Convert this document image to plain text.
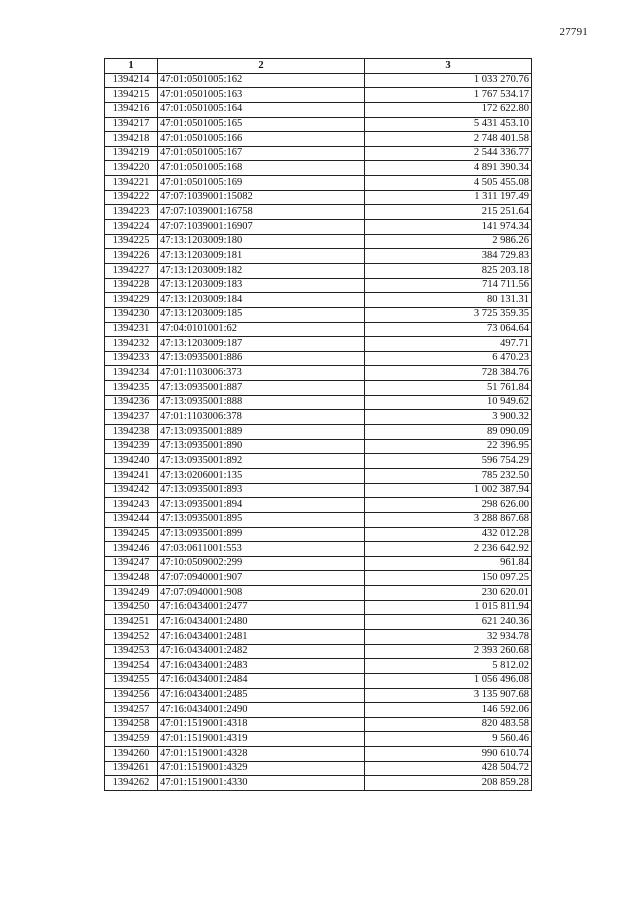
27791
1	2	3
1394214	47:01:0501005:162	1 033 270.76
1394215	47:01:0501005:163	1 767 534.17
1394216	47:01:0501005:164	172 622.80
1394217	47:01:0501005:165	5 431 453.10
1394218	47:01:0501005:166	2 748 401.58
1394219	47:01:0501005:167	2 544 336.77
1394220	47:01:0501005:168	4 891 390.34
1394221	47:01:0501005:169	4 505 455.08
1394222	47:07:1039001:15082	1 311 197.49
1394223	47:07:1039001:16758	215 251.64
1394224	47:07:1039001:16907	141 974.34
1394225	47:13:1203009:180	2 986.26
1394226	47:13:1203009:181	384 729.83
1394227	47:13:1203009:182	825 203.18
1394228	47:13:1203009:183	714 711.56
1394229	47:13:1203009:184	80 131.31
1394230	47:13:1203009:185	3 725 359.35
1394231	47:04:0101001:62	73 064.64
1394232	47:13:1203009:187	497.71
1394233	47:13:0935001:886	6 470.23
1394234	47:01:1103006:373	728 384.76
1394235	47:13:0935001:887	51 761.84
1394236	47:13:0935001:888	10 949.62
1394237	47:01:1103006:378	3 900.32
1394238	47:13:0935001:889	89 090.09
1394239	47:13:0935001:890	22 396.95
1394240	47:13:0935001:892	596 754.29
1394241	47:13:0206001:135	785 232.50
1394242	47:13:0935001:893	1 002 387.94
1394243	47:13:0935001:894	298 626.00
1394244	47:13:0935001:895	3 288 867.68
1394245	47:13:0935001:899	432 012.28
1394246	47:03:0611001:553	2 236 642.92
1394247	47:10:0509002:299	961.84
1394248	47:07:0940001:907	150 097.25
1394249	47:07:0940001:908	230 620.01
1394250	47:16:0434001:2477	1 015 811.94
1394251	47:16:0434001:2480	621 240.36
1394252	47:16:0434001:2481	32 934.78
1394253	47:16:0434001:2482	2 393 260.68
1394254	47:16:0434001:2483	5 812.02
1394255	47:16:0434001:2484	1 056 496.08
1394256	47:16:0434001:2485	3 135 907.68
1394257	47:16:0434001:2490	146 592.06
1394258	47:01:1519001:4318	820 483.58
1394259	47:01:1519001:4319	9 560.46
1394260	47:01:1519001:4328	990 610.74
1394261	47:01:1519001:4329	428 504.72
1394262	47:01:1519001:4330	208 859.28
